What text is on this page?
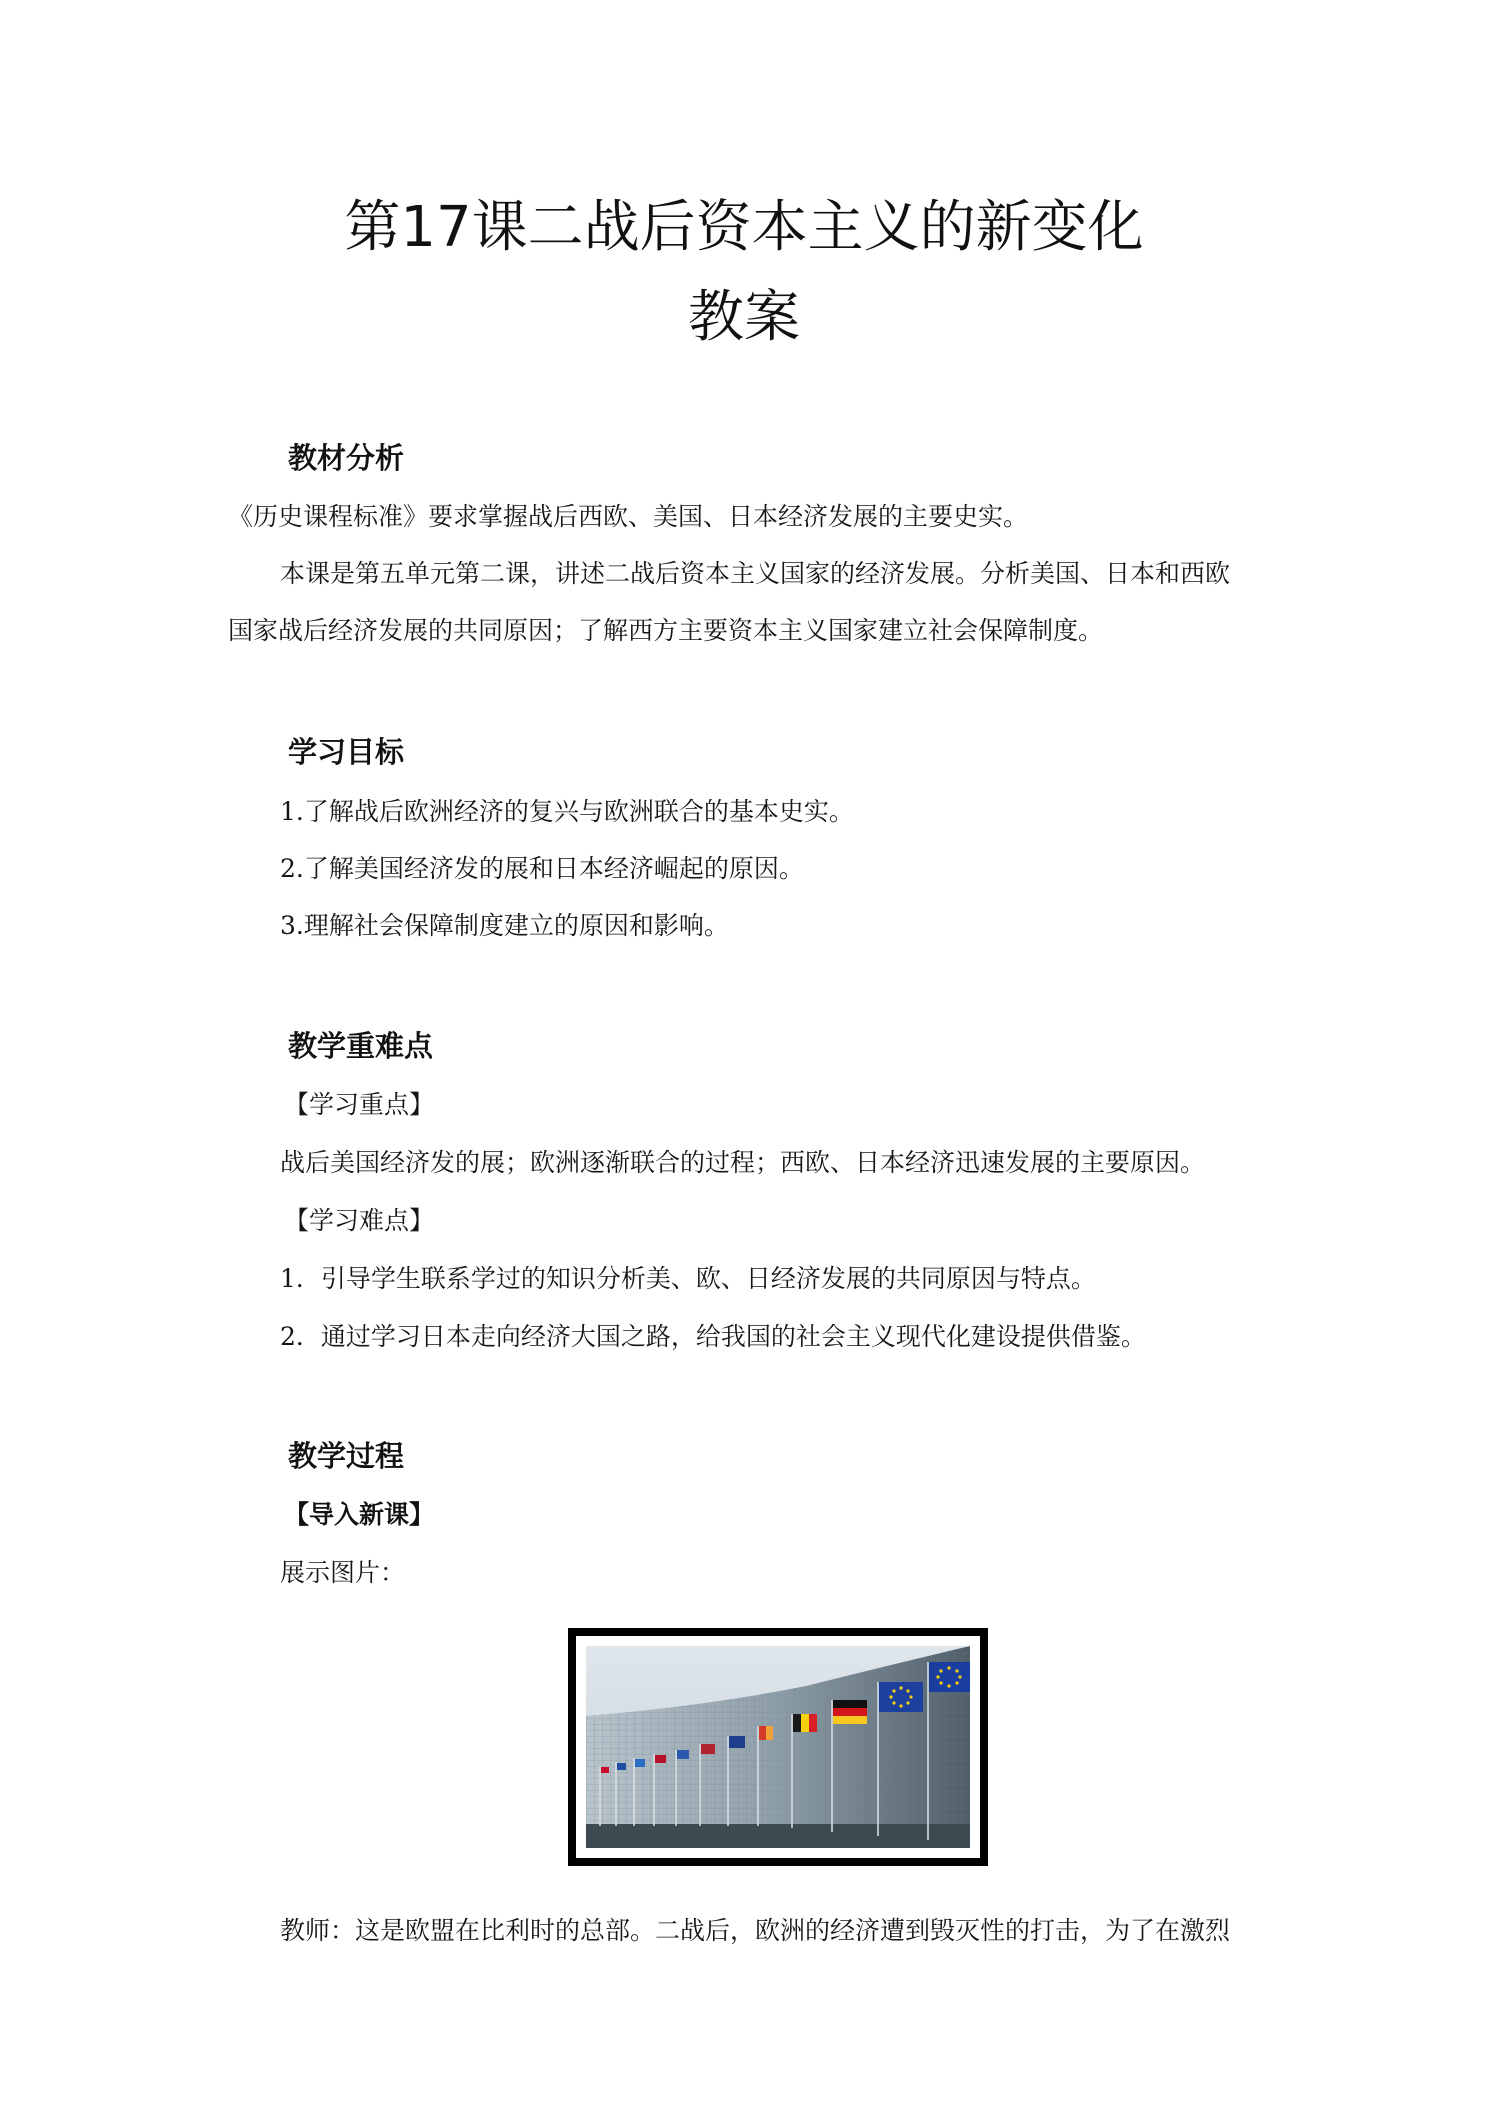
第17课二战后资本主义的新变化
教案
教材分析
《历史课程标准》要求掌握战后西欧、美国、日本经济发展的主要史实。
本课是第五单元第二课，讲述二战后资本主义国家的经济发展。分析美国、日本和西欧
国家战后经济发展的共同原因；了解西方主要资本主义国家建立社会保障制度。
学习目标
1.了解战后欧洲经济的复兴与欧洲联合的基本史实。
2.了解美国经济发的展和日本经济崛起的原因。
3.理解社会保障制度建立的原因和影响。
教学重难点
【学习重点】
战后美国经济发的展；欧洲逐渐联合的过程；西欧、日本经济迅速发展的主要原因。
【学习难点】
1．引导学生联系学过的知识分析美、欧、日经济发展的共同原因与特点。
2．通过学习日本走向经济大国之路，给我国的社会主义现代化建设提供借鉴。
教学过程
【导入新课】
展示图片：
教师：这是欧盟在比利时的总部。二战后，欧洲的经济遭到毁灭性的打击，为了在激烈
